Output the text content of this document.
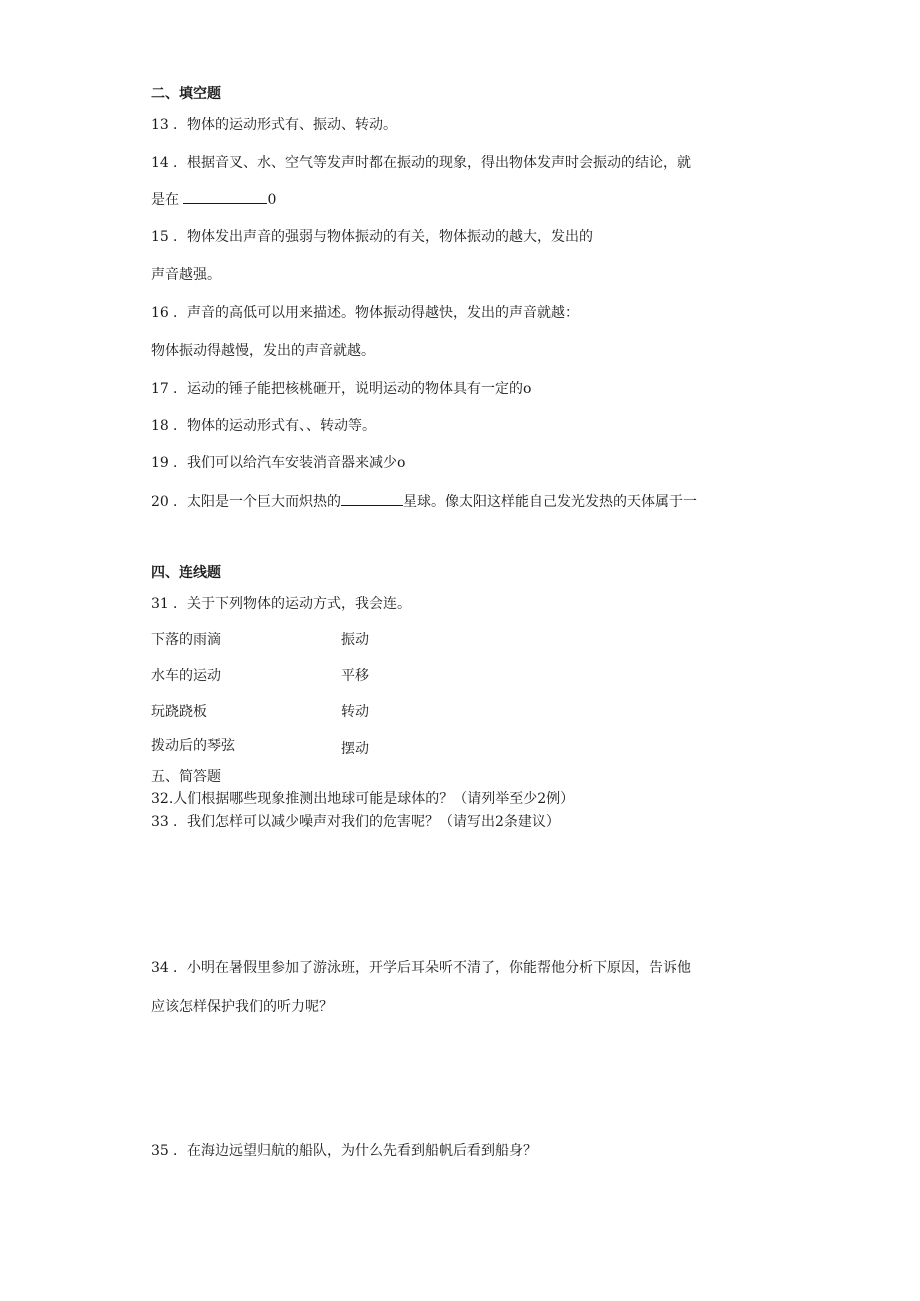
二、填空题
13 ．物体的运动形式有、振动、转动。
14 ．根据音叉、水、空气等发声时都在振动的现象，得出物体发声时会振动的结论，就
是在	0
15 ．物体发出声音的强弱与物体振动的有关，物体振动的越大，发出的
声音越强。
16 ．声音的高低可以用来描述。物体振动得越快，发出的声音就越：
物体振动得越慢，发出的声音就越。
17 ．运动的锤子能把核桃砸开，说明运动的物体具有一定的o
18 ．物体的运动形式有、、转动等。
19 ．我们可以给汽车安装消音器来减少o
20 ．太阳是一个巨大而炽热的	星球。像太阳这样能自己发光发热的天体属于一
四、连线题
31 ．关于下列物体的运动方式，我会连。
下落的雨滴	振动
水车的运动	平移
玩跷跷板	转动
拨动后的琴弦	摆动
五、简答题
32.人们根据哪些现象推测出地球可能是球体的？（请列举至少2例）
33 ．我们怎样可以减少噪声对我们的危害呢？（请写出2条建议）
34 ．小明在暑假里参加了游泳班，开学后耳朵听不清了，你能帮他分析下原因，告诉他
应该怎样保护我们的听力呢？
35 ．在海边远望归航的船队，为什么先看到船帆后看到船身？
